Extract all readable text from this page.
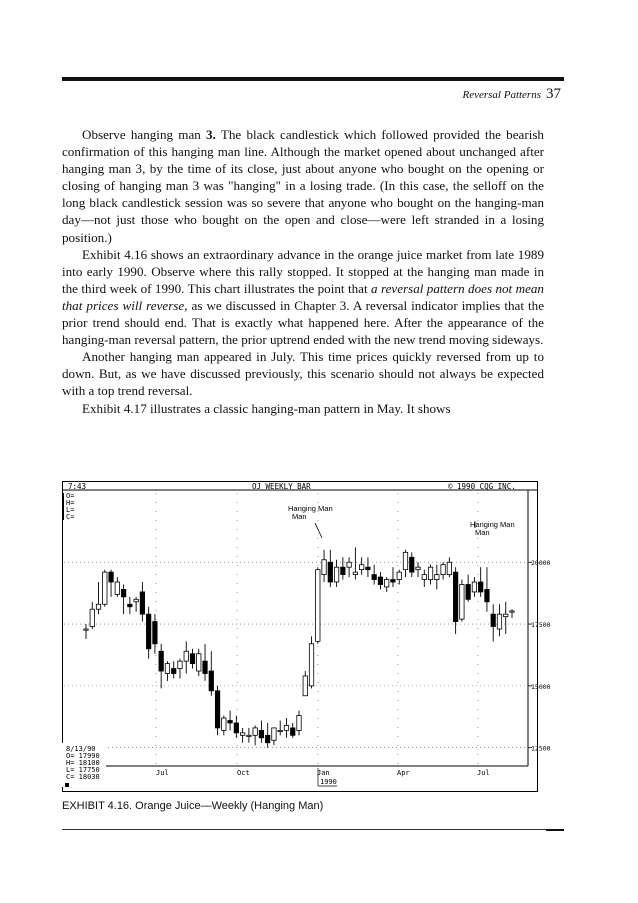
Reversal Patterns 37

Observe hanging man 3. The black candlestick which followed provided the bearish confirmation of this hanging man line. Although the market opened about unchanged after hanging man 3, by the time of its close, just about anyone who bought on the opening or closing of hanging man 3 was "hanging" in a losing trade. (In this case, the selloff on the long black candlestick session was so severe that anyone who bought on the hanging-man day—not just those who bought on the open and close—were left stranded in a losing position.)

Exhibit 4.16 shows an extraordinary advance in the orange juice market from late 1989 into early 1990. Observe where this rally stopped. It stopped at the hanging man made in the third week of 1990. This chart illustrates the point that a reversal pattern does not mean that prices will reverse, as we discussed in Chapter 3. A reversal indicator implies that the prior trend should end. That is exactly what happened here. After the appearance of the hanging-man reversal pattern, the prior uptrend ended with the new trend moving sideways.

Another hanging man appeared in July. This time prices quickly reversed from up to down. But, as we have discussed previously, this scenario should not always be expected with a top trend reversal.

Exhibit 4.17 illustrates a classic hanging-man pattern in May. It shows

7:43	OJ WEEKLY BAR	© 1990 CQG INC.
O=
H=
L=
C=
20000
17500
15000
12500
Hanging Man
Man
Hanging Man
Man
8/13/90
O= 17990
H= 18100
L= 17750
C= 18030	Jul	Oct	Jan	Apr	Jul
1990
EXHIBIT 4.16. Orange Juice—Weekly (Hanging Man)
